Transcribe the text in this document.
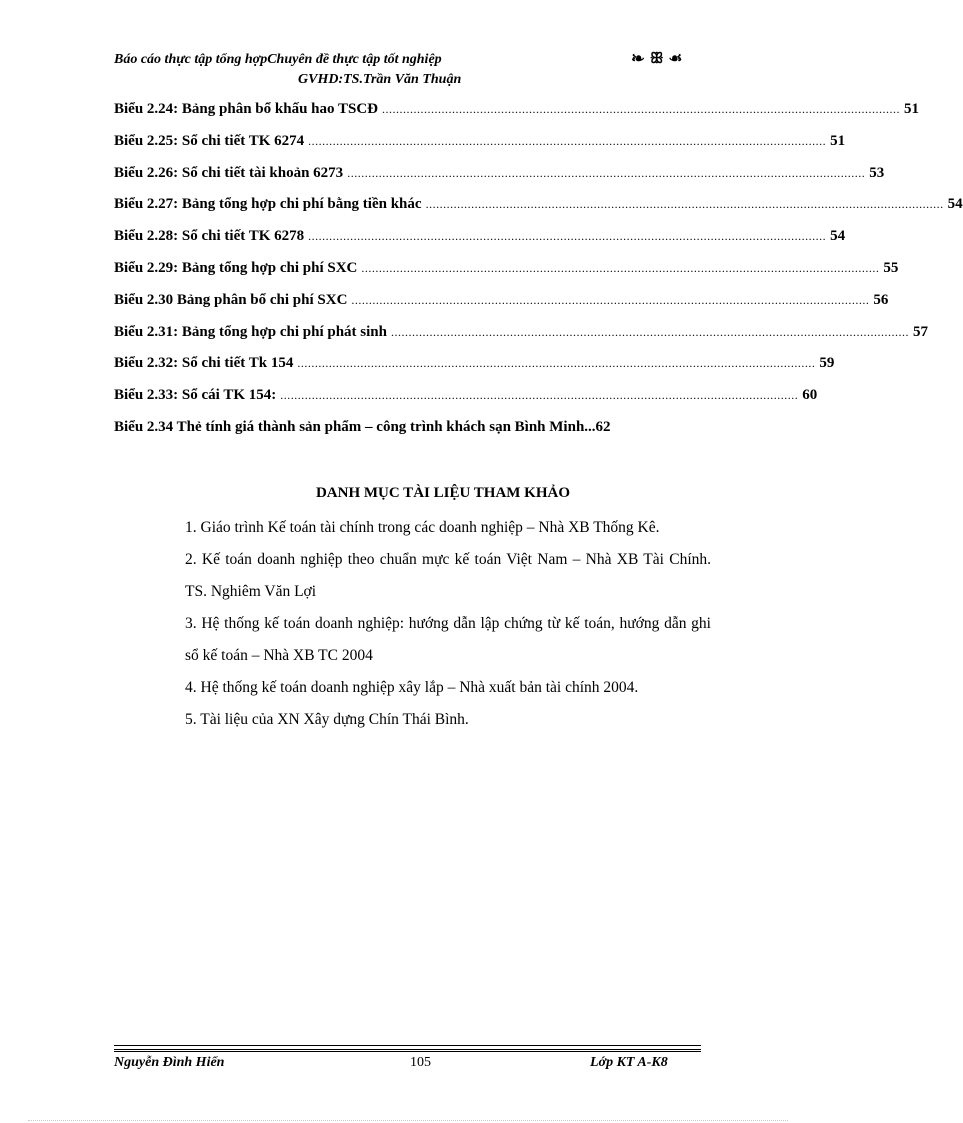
Báo cáo thực tập tổng hợpChuyên đề thực tập tốt nghiệp
GVHD:TS.Trần Văn Thuận
❧ ꕥ ☙
Biểu 2.24: Bảng phân bổ khấu hao TSCĐ .................................................................................................................................................... 51
Biểu 2.25: Sổ chi tiết TK 6274 .................................................................................................................................................... 51
Biểu 2.26: Sổ chi tiết tài khoản 6273 .................................................................................................................................................... 53
Biểu 2.27: Bảng tổng hợp chi phí bằng tiền khác .................................................................................................................................................... 54
Biểu 2.28: Sổ chi tiết TK 6278 .................................................................................................................................................... 54
Biểu 2.29: Bảng tổng hợp chi phí SXC .................................................................................................................................................... 55
Biểu 2.30 Bảng phân bổ chi phí SXC .................................................................................................................................................... 56
Biểu 2.31: Bảng tổng hợp chi phí phát sinh .................................................................................................................................................... 57
Biểu 2.32: Sổ chi tiết Tk 154 .................................................................................................................................................... 59
Biểu 2.33: Sổ cái TK 154: .................................................................................................................................................... 60
Biểu 2.34 Thẻ tính giá thành sản phẩm – công trình khách sạn Bình Minh...62
DANH MỤC TÀI LIỆU THAM KHẢO

1. Giáo trình Kế toán tài chính trong các doanh nghiệp – Nhà XB Thống Kê.

2. Kế toán doanh nghiệp theo chuẩn mực kế toán Việt Nam – Nhà XB Tài Chính. TS. Nghiêm Văn Lợi

3. Hệ thống kế toán doanh nghiệp: hướng dẫn lập chứng từ kế toán, hướng dẫn ghi sổ kế toán – Nhà XB TC 2004

4. Hệ thống kế toán doanh nghiệp xây lắp – Nhà xuất bản tài chính 2004.

5. Tài liệu của XN Xây dựng Chín Thái Bình.

Nguyễn Đình Hiển	105	Lớp KT A-K8
